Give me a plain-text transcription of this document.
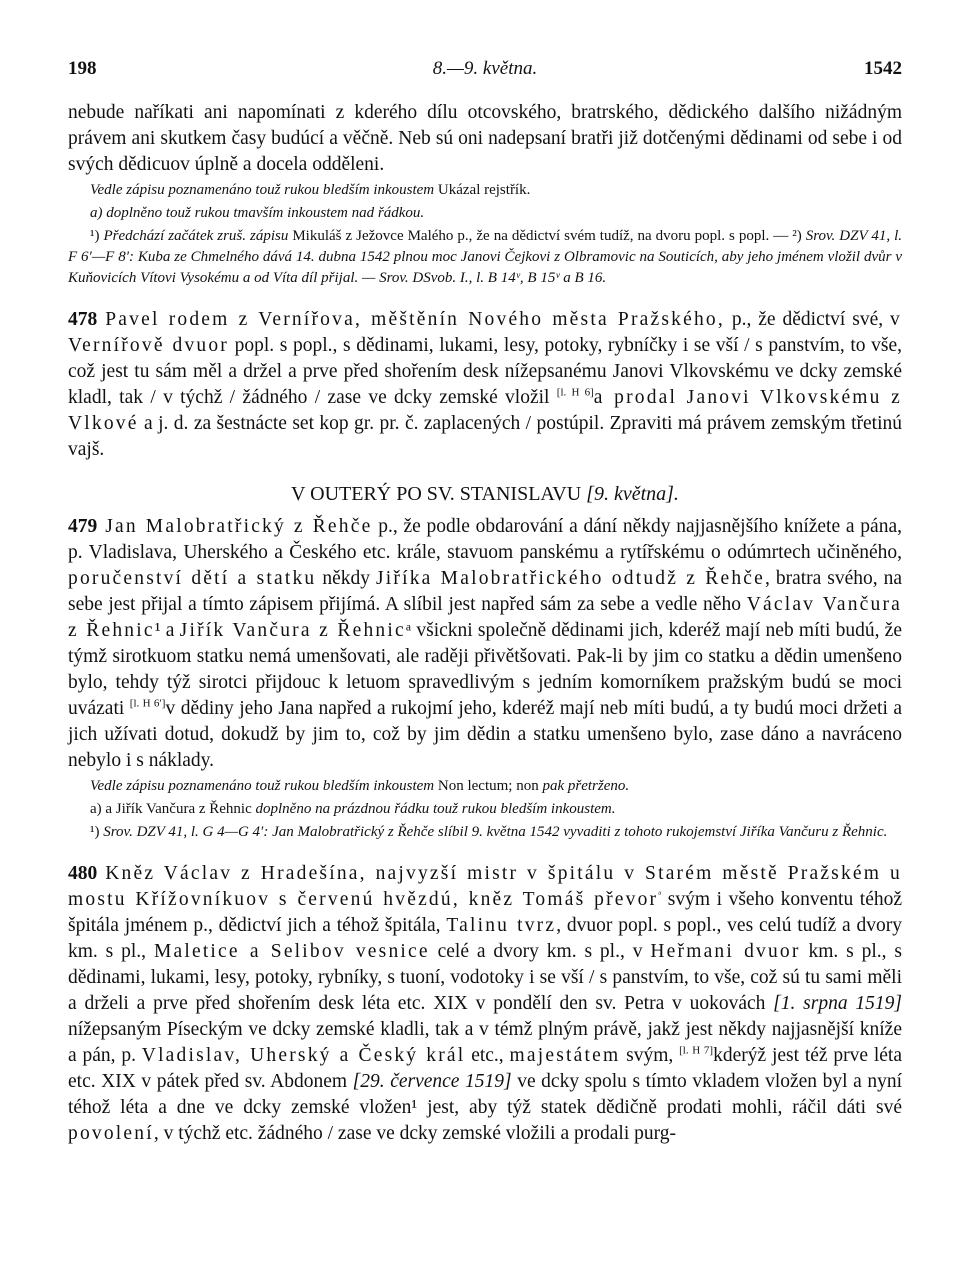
198	8.—9. května.	1542

nebude naříkati ani napomínati z kderého dílu otcovského, bratrského, dědického dalšího nižádným právem ani skutkem časy budúcí a věčně. Neb sú oni nadepsaní bratři již dotčenými dědinami od sebe i od svých dědicuov úplně a docela odděleni.

Vedle zápisu poznamenáno touž rukou bledším inkoustem Ukázal rejstřík.

a) doplněno touž rukou tmavším inkoustem nad řádkou.

¹) Předchází začátek zruš. zápisu Mikuláš z Ježovce Malého p., že na dědictví svém tudíž, na dvoru popl. s popl. — ²) Srov. DZV 41, l. F 6′—F 8′: Kuba ze Chmelného dává 14. dubna 1542 plnou moc Janovi Čejkovi z Olbramovic na Souticích, aby jeho jménem vložil dvůr v Kuňovicích Vítovi Vysokému a od Víta díl přijal. — Srov. DSvob. I., l. B 14ᵛ, B 15ᵛ a B 16.

478 Pavel rodem z Vernířova, měštěnín Nového města Pražského, p., že dědictví své, v Vernířově dvuor popl. s popl., s dědinami, lukami, lesy, potoky, rybníčky i se vší / s panstvím, to vše, což jest tu sám měl a držel a prve před shořením desk nížepsanému Janovi Vlkovskému ve dcky zemské kladl, tak / v týchž / žádného / zase ve dcky zemské vložil [l. H 6]a prodal Janovi Vlkovskému z Vlkové a j. d. za šestnácte set kop gr. pr. č. zaplacených / postúpil. Zpraviti má právem zemským třetinú vajš.

V OUTERÝ PO SV. STANISLAVU [9. května].

479 Jan Malobratřický z Řehče p., že podle obdarování a dání někdy najjasnějšího knížete a pána, p. Vladislava, Uherského a Českého etc. krále, stavuom panskému a rytířskému o odúmrtech učiněného, poručenství dětí a statku někdy Jiříka Malobratřického odtudž z Řehče, bratra svého, na sebe jest přijal a tímto zápisem přijímá. A slíbil jest napřed sám za sebe a vedle něho Václav Vančura z Řehnic¹ a Jiřík Vančura z Řehnicᵃ všickni společně dědinami jich, kderéž mají neb míti budú, že týmž sirotkuom statku nemá umenšovati, ale raději přivětšovati. Pak-li by jim co statku a dědin umenšeno bylo, tehdy týž sirotci přijdouc k letuom spravedlivým s jedním komorníkem pražským budú se moci uvázati [l. H 6′]v dědiny jeho Jana napřed a rukojmí jeho, kderéž mají neb míti budú, a ty budú moci držeti a jich užívati dotud, dokudž by jim to, což by jim dědin a statku umenšeno bylo, zase dáno a navráceno nebylo i s náklady.

Vedle zápisu poznamenáno touž rukou bledším inkoustem Non lectum; non pak přetrženo.

a) a Jiřík Vančura z Řehnic doplněno na prázdnou řádku touž rukou bledším inkoustem.

¹) Srov. DZV 41, l. G 4—G 4′: Jan Malobratřický z Řehče slíbil 9. května 1542 vyvaditi z tohoto rukojemství Jiříka Vančuru z Řehnic.

480 Kněz Václav z Hradešína, najvyzší mistr v špitálu v Starém městě Pražském u mostu Křížovníkuov s červenú hvězdú, kněz Tomáš převor$^ᵃ$ svým i všeho konventu téhož špitála jménem p., dědictví jich a téhož špitála, Talinu tvrz, dvuor popl. s popl., ves celú tudíž a dvory km. s pl., Maletice a Selibov vesnice celé a dvory km. s pl., v Heřmani dvuor km. s pl., s dědinami, lukami, lesy, potoky, rybníky, s tuoní, vodotoky i se vší / s panstvím, to vše, což sú tu sami měli a drželi a prve před shořením desk léta etc. XIX v pondělí den sv. Petra v uokovách [1. srpna 1519] nížepsaným Píseckým ve dcky zemské kladli, tak a v témž plným právě, jakž jest někdy najjasnější kníže a pán, p. Vladislav, Uherský a Český král etc., majestátem svým, [l. H 7]kderýž jest též prve léta etc. XIX v pátek před sv. Abdonem [29. července 1519] ve dcky spolu s tímto vkladem vložen byl a nyní téhož léta a dne ve dcky zemské vložen¹ jest, aby týž statek dědičně prodati mohli, ráčil dáti své povolení, v týchž etc. žádného / zase ve dcky zemské vložili a prodali purg-
